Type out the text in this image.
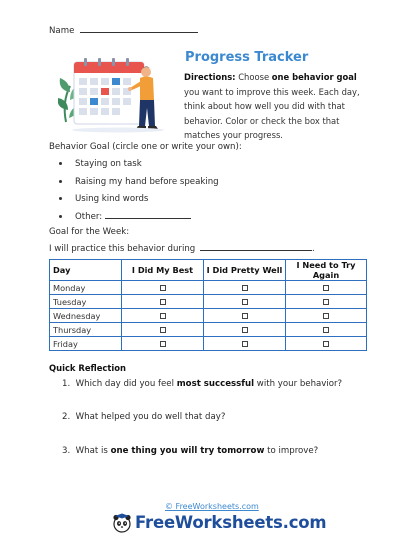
Name
Progress Tracker
Directions: Choose one behavior goal you want to improve this week. Each day, think about how well you did with that behavior. Color or check the box that matches your progress.
Behavior Goal (circle one or write your own):
Staying on task
Raising my hand before speaking
Using kind words
Other:
Goal for the Week:
I will practice this behavior during	.
Day	I Did My Best	I Did Pretty Well	I Need to Try Again
Monday			
Tuesday			
Wednesday			
Thursday			
Friday			
Quick Reflection
1. Which day did you feel most successful with your behavior?
2. What helped you do well that day?
3. What is one thing you will try tomorrow to improve?
© FreeWorksheets.com
FreeWorksheets.com
